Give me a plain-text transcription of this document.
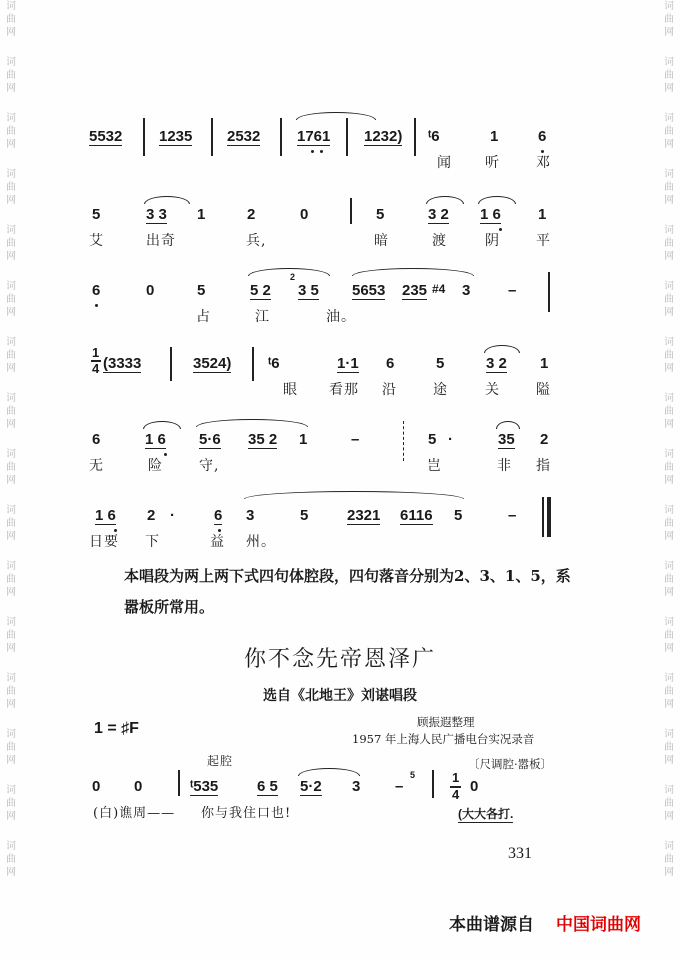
词曲网
词曲网
词曲网
词曲网
词曲网
词曲网
词曲网
词曲网
词曲网
词曲网
词曲网
词曲网
词曲网
词曲网
词曲网
词曲网
词曲网
词曲网
词曲网
词曲网
词曲网
词曲网
词曲网
词曲网
词曲网
词曲网
词曲网
词曲网
词曲网
词曲网
词曲网
词曲网
5532 1235 2532 1761 1232) ᵗ6	1	6
闻 听	邓
5	3 3 1	2	0	5	3 2 1 6 1
艾	出奇	兵,	暗	渡	阴	平
6	0	5	5 2
2
3 5 5653 235 #4 3	–
占	江	油。
1
4 (3333	3524) ᵗ6	1·1 6	5	3 2 1
眼 看那 沿	途	关	隘
6	1 6 5·6 35 2 1	–	5 ·	35 2
无	险	守,	岂	非 指
1 6 2 ·	6 3	5	2321 6116 5	–
日要 下	益 州。
本唱段为两上两下式四句体腔段，四句落音分别为2、3、1、5，系嚣板所常用。
你不念先帝恩泽广
选自《北地王》刘谌唱段
1 = ♯F	顾振遐整理
1957 年上海人民广播电台实况录音
起腔	〔尺调腔·嚣板〕
0 0	ᵗ535	6 5 5·2 3 –
5	1
4 0
(白)谯周—— 你与我住口也!	(大大各打.
331
本曲谱源自 中国词曲网
